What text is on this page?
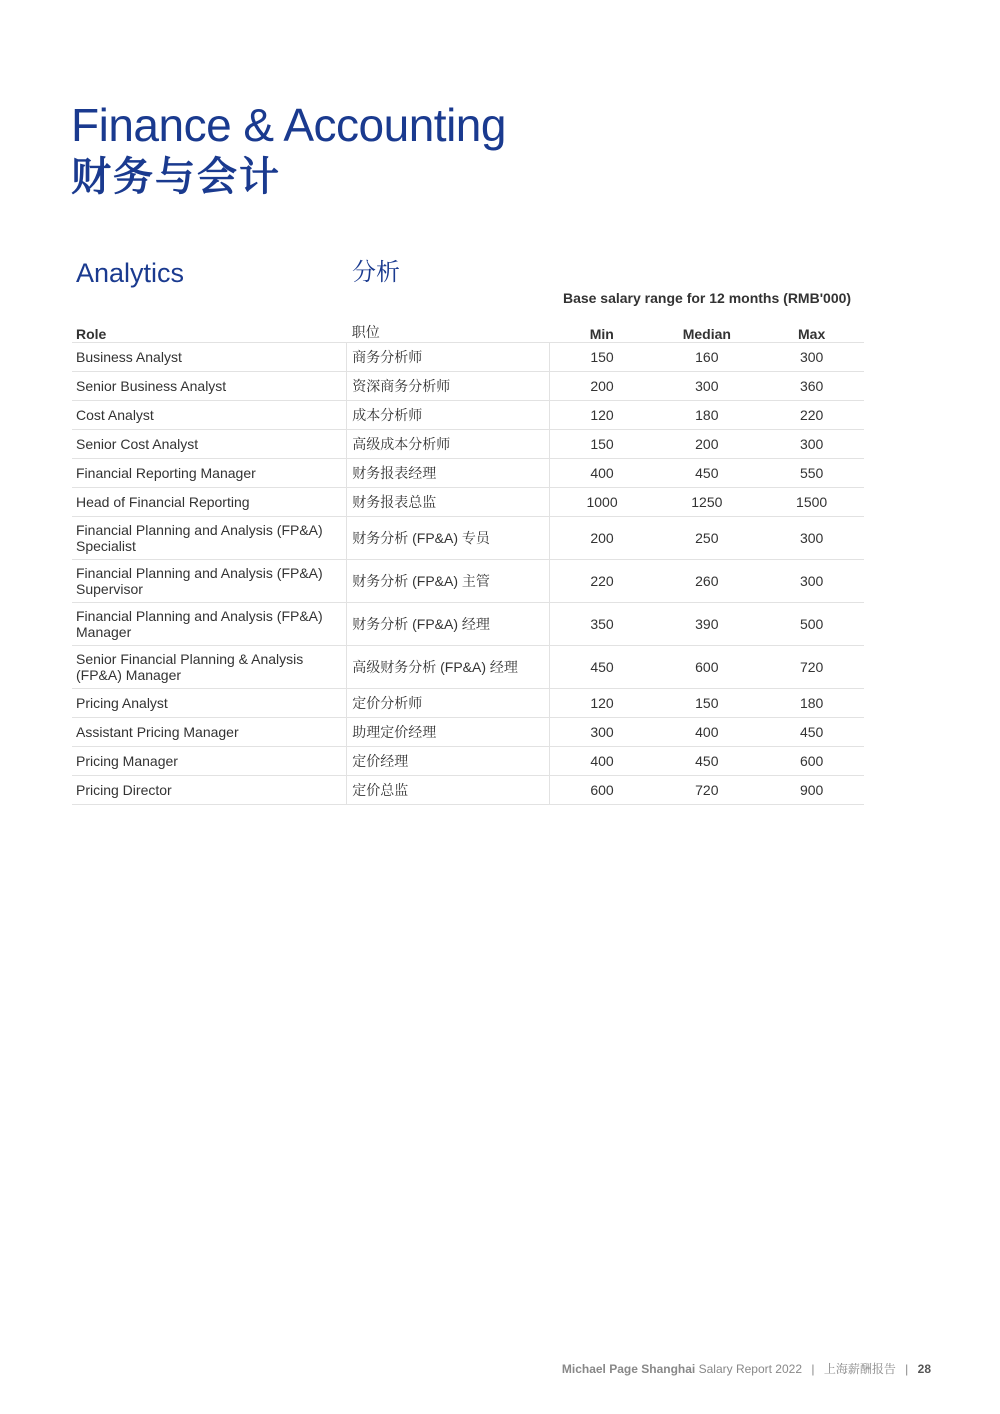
Finance & Accounting
财务与会计
Analytics	分析
Base salary range for 12 months (RMB'000)
Role	职位	Min	Median	Max
Business Analyst	商务分析师	150	160	300
Senior Business Analyst	资深商务分析师	200	300	360
Cost Analyst	成本分析师	120	180	220
Senior Cost Analyst	高级成本分析师	150	200	300
Financial Reporting Manager	财务报表经理	400	450	550
Head of Financial Reporting	财务报表总监	1000	1250	1500
Financial Planning and Analysis (FP&A) Specialist	财务分析 (FP&A) 专员	200	250	300
Financial Planning and Analysis (FP&A) Supervisor	财务分析 (FP&A) 主管	220	260	300
Financial Planning and Analysis (FP&A) Manager	财务分析 (FP&A) 经理	350	390	500
Senior Financial Planning & Analysis (FP&A) Manager	高级财务分析 (FP&A) 经理	450	600	720
Pricing Analyst	定价分析师	120	150	180
Assistant Pricing Manager	助理定价经理	300	400	450
Pricing Manager	定价经理	400	450	600
Pricing Director	定价总监	600	720	900
Michael Page Shanghai Salary Report 2022 | 上海薪酬报告 | 28
